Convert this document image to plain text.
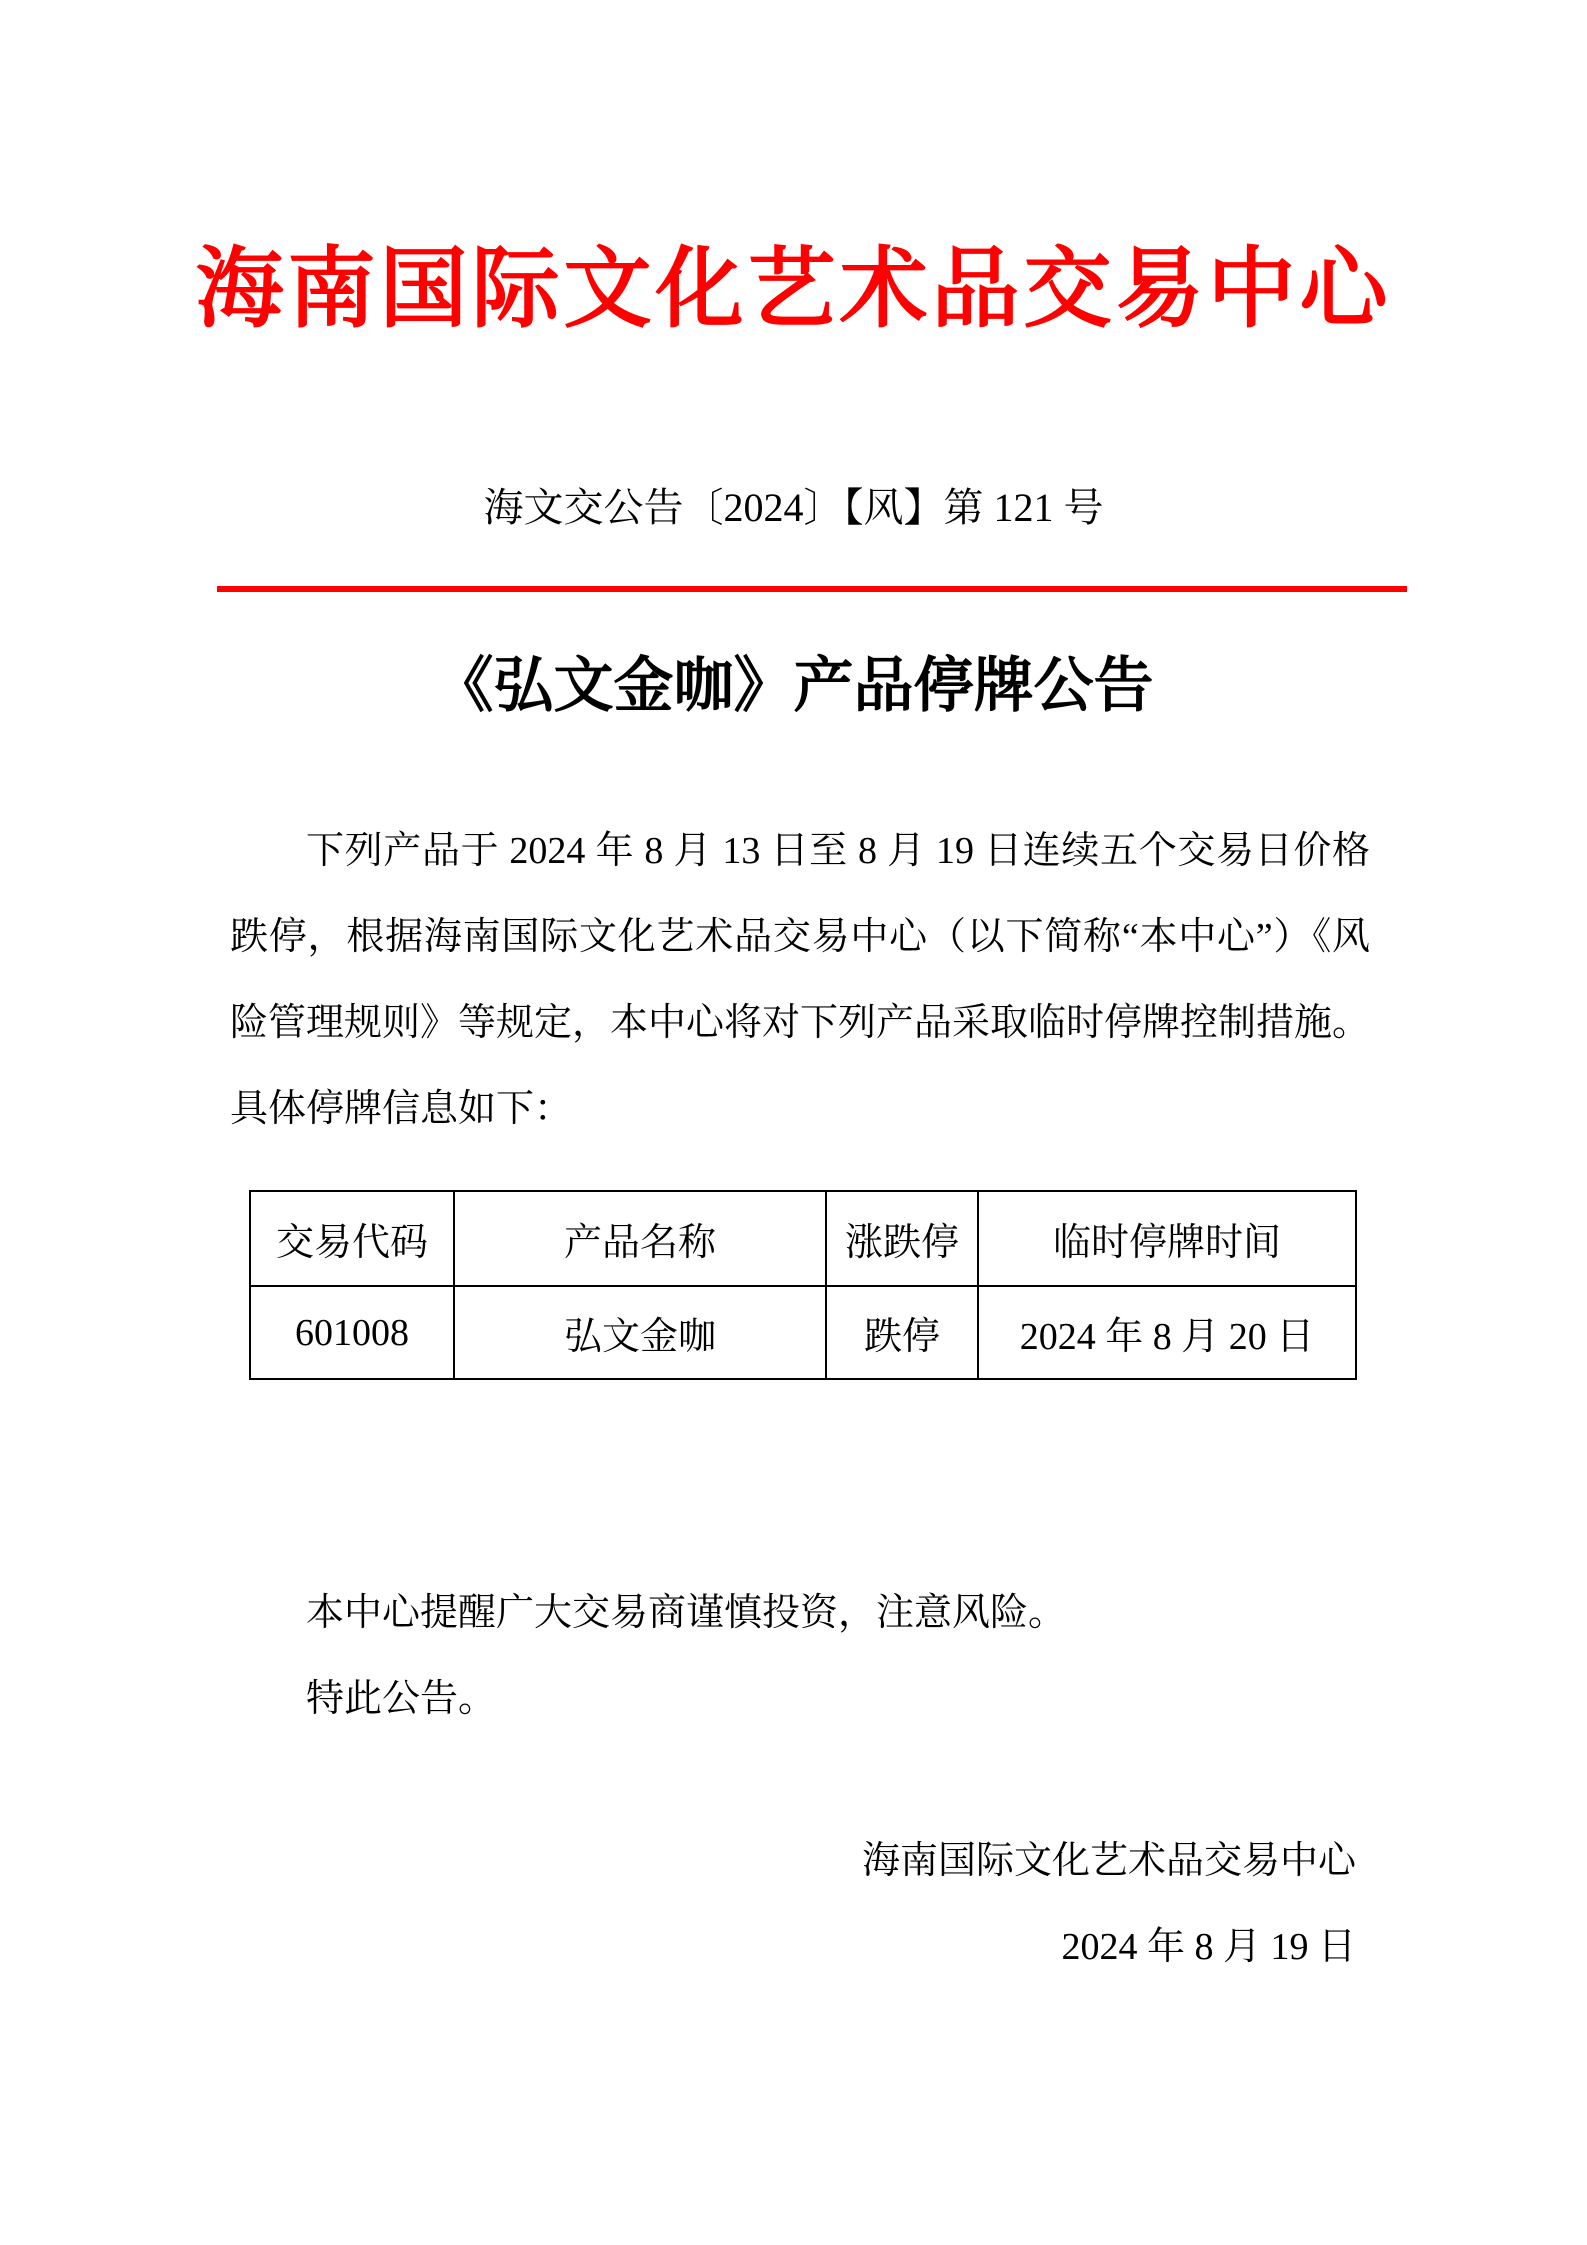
海南国际文化艺术品交易中心
海文交公告〔2024〕【风】第 121 号
《弘文金咖》产品停牌公告
下列产品于 2024 年 8 月 13 日至 8 月 19 日连续五个交易日价格
跌停，根据海南国际文化艺术品交易中心（以下简称“本中心”）《风
险管理规则》等规定，本中心将对下列产品采取临时停牌控制措施。
具体停牌信息如下：
交易代码	产品名称	涨跌停	临时停牌时间
601008	弘文金咖	跌停	2024 年 8 月 20 日
本中心提醒广大交易商谨慎投资，注意风险。
特此公告。
海南国际文化艺术品交易中心
2024 年 8 月 19 日
